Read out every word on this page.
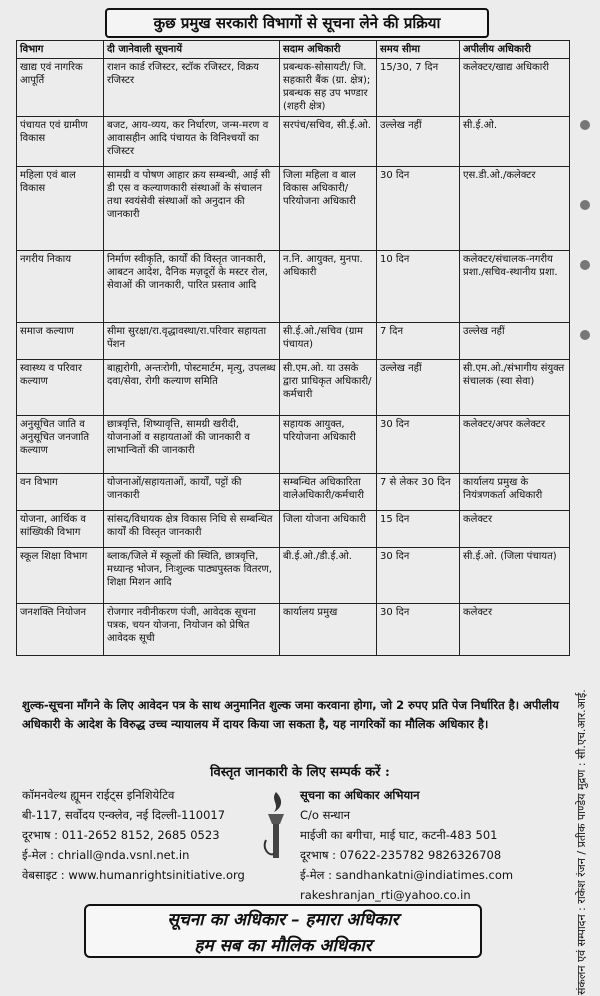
कुछ प्रमुख सरकारी विभागों से सूचना लेने की प्रक्रिया
विभाग	दी जानेवाली सूचनायें	सदाम अधिकारी	समय सीमा	अपीलीय अधिकारी
खाद्य एवं नागरिक आपूर्ति	राशन कार्ड रजिस्टर, स्टॉक रजिस्टर, विक्रय रजिस्टर	प्रबन्धक-सोसायटी/ जि. सहकारी बैंक (ग्रा. क्षेत्र); प्रबन्धक सह उप भण्डार (शहरी क्षेत्र)	15/30, 7 दिन	कलेक्टर/खाद्य अधिकारी
पंचायत एवं ग्रामीण विकास	बजट, आय-व्यय, कर निर्धारण, जन्म-मरण व आवासहीन आदि पंचायत के विनिश्चयों का रजिस्टर	सरपंच/सचिव, सी.ई.ओ.	उल्लेख नहीं	सी.ई.ओ.
महिला एवं बाल विकास	सामग्री व पोषण आहार क्रय सम्बन्धी, आई सी डी एस व कल्याणकारी संस्थाओं के संचालन तथा स्वयंसेवी संस्थाओं को अनुदान की जानकारी	जिला महिला व बाल विकास अधिकारी/परियोजना अधिकारी	30 दिन	एस.डी.ओ./कलेक्टर
नगरीय निकाय	निर्माण स्वीकृति, कार्यों की विस्तृत जानकारी, आबटन आदेश, दैनिक मज़दूरों के मस्टर रोल, सेवाओं की जानकारी, पारित प्रस्ताव आदि	न.नि. आयुक्त, मुनपा. अधिकारी	10 दिन	कलेक्टर/संचालक-नगरीय प्रशा./सचिव-स्थानीय प्रशा.
समाज कल्याण	सीमा सुरक्षा/रा.वृद्धावस्था/रा.परिवार सहायता पेंशन	सी.ई.ओ./सचिव (ग्राम पंचायत)	7 दिन	उल्लेख नहीं
स्वास्थ्य व परिवार कल्याण	बाह्यरोगी, अन्तःरोगी, पोस्टमार्टम, मृत्यु, उपलब्ध दवा/सेवा, रोगी कल्याण समिति	सी.एम.ओ. या उसके द्वारा प्राधिकृत अधिकारी/कर्मचारी	उल्लेख नहीं	सी.एम.ओ./संभागीय संयुक्त संचालक (स्वा सेवा)
अनुसूचित जाति व अनुसूचित जनजाति कल्याण	छात्रवृत्ति, शिष्यावृत्ति, सामग्री खरीदी, योजनाओं व सहायताओं की जानकारी व लाभान्वितों की जानकारी	सहायक आयुक्त, परियोजना अधिकारी	30 दिन	कलेक्टर/अपर कलेक्टर
वन विभाग	योजनाओं/सहायताओं, कार्यों, पट्टों की जानकारी	सम्बन्धित अधिकारिता वालेअधिकारी/कर्मचारी	7 से लेकर 30 दिन	कार्यालय प्रमुख के नियंत्रणकर्ता अधिकारी
योजना, आर्थिक व सांख्यिकी विभाग	सांसद/विधायक क्षेत्र विकास निधि से सम्बन्धित कार्यों की विस्तृत जानकारी	जिला योजना अधिकारी	15 दिन	कलेक्टर
स्कूल शिक्षा विभाग	ब्लाक/जिले में स्कूलों की स्थिति, छात्रवृत्ति, मध्यान्ह भोजन, निःशुल्क पाठ्यपुस्तक वितरण, शिक्षा मिशन आदि	बी.ई.ओ./डी.ई.ओ.	30 दिन	सी.ई.ओ. (जिला पंचायत)
जनशक्ति नियोजन	रोजगार नवीनीकरण पंजी, आवेदक सूचना पत्रक, चयन योजना, नियोजन को प्रेषित आवेदक सूची	कार्यालय प्रमुख	30 दिन	कलेक्टर
शुल्क-सूचना माँगने के लिए आवेदन पत्र के साथ अनुमानित शुल्क जमा करवाना होगा, जो 2 रुपए प्रति पेज निर्धारित है। अपीलीय अधिकारी के आदेश के विरुद्ध उच्च न्यायालय में दायर किया जा सकता है, यह नागरिकों का मौलिक अधिकार है।
विस्तृत जानकारी के लिए सम्पर्क करें :
कॉमनवेल्थ ह्यूमन राईट्स इनिशियेटिव
बी-117, सर्वोदय एन्क्लेव, नई दिल्ली-110017
दूरभाष : 011-2652 8152, 2685 0523
ई-मेल : chriall@nda.vsnl.net.in
वेबसाइट : www.humanrightsinitiative.org
सूचना का अधिकार अभियान
C/o सन्धान
माईजी का बगीचा, माई घाट, कटनी-483 501
दूरभाष : 07622-235782 9826326708
ई-मेल : sandhankatni@indiatimes.com
rakeshranjan_rti@yahoo.co.in
सूचना का अधिकार – हमारा अधिकार
हम सब का मौलिक अधिकार	संकलन एवं सम्पादन : राकेश रंजन / प्रतीक पाण्डेय मुद्रण : सी.एच.आर.आई.
